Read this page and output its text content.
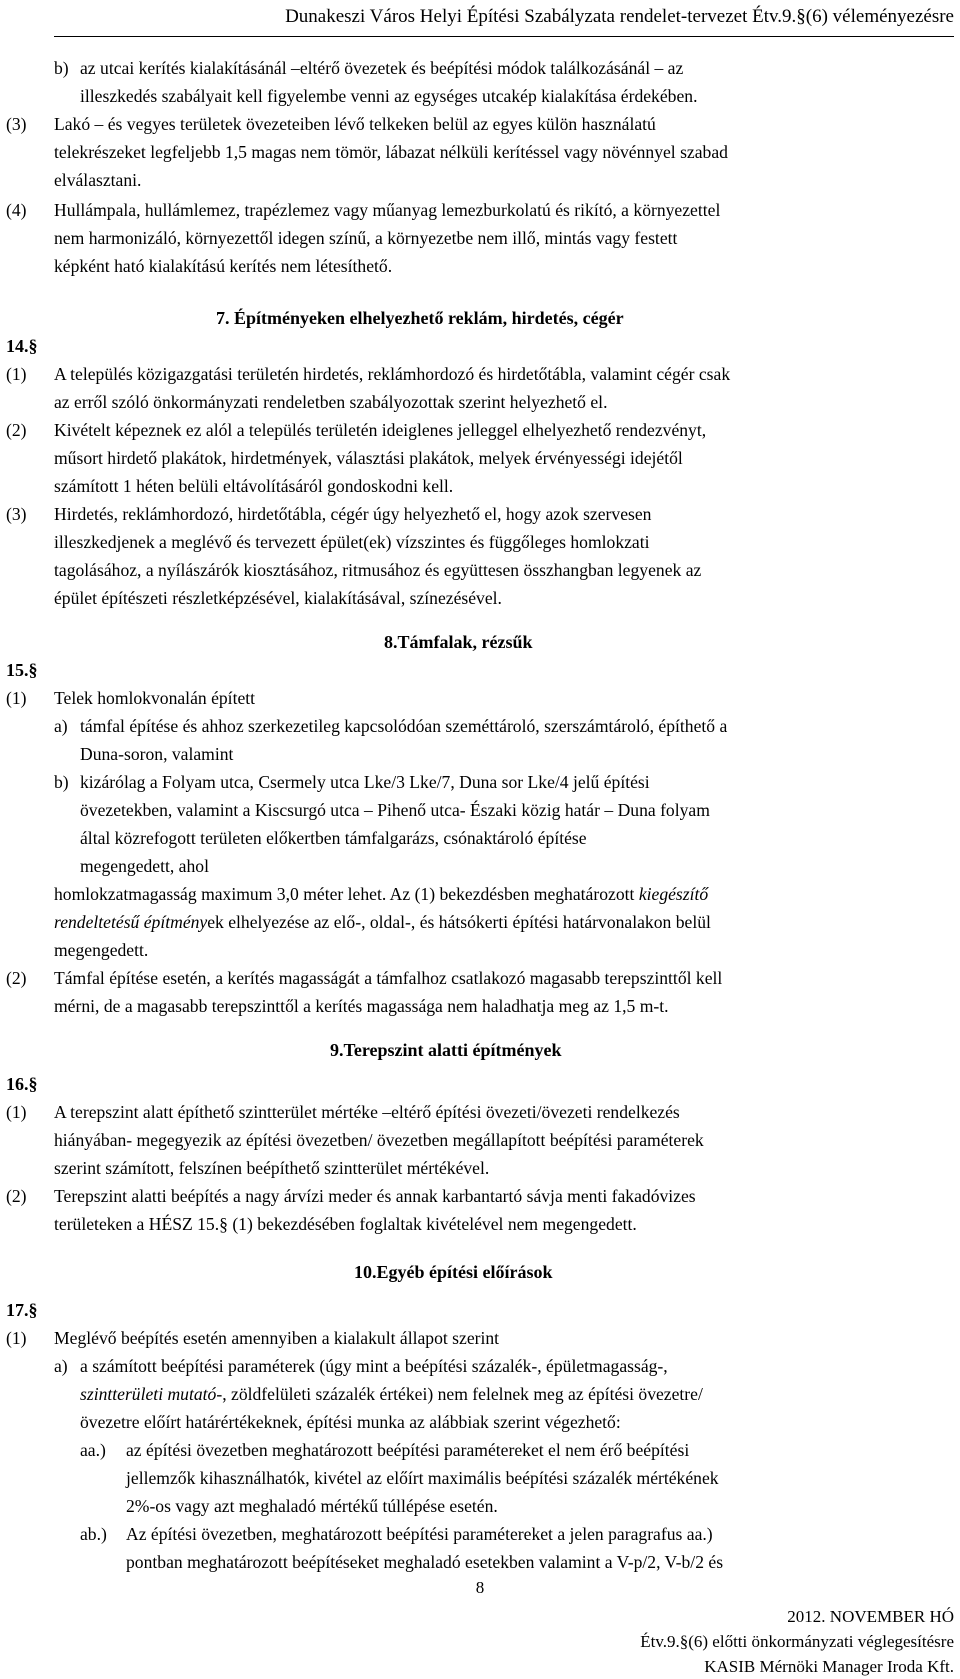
Dunakeszi Város Helyi Építési Szabályzata rendelet-tervezet Étv.9.§(6) véleményezésre
b) az utcai kerítés kialakításánál –eltérő övezetek és beépítési módok találkozásánál – az
illeszkedés szabályait kell figyelembe venni az egységes utcakép kialakítása érdekében.
(3) Lakó – és vegyes területek övezeteiben lévő telkeken belül az egyes külön használatú
telekrészeket legfeljebb 1,5 magas nem tömör, lábazat nélküli kerítéssel vagy növénnyel szabad
elválasztani.
(4) Hullámpala, hullámlemez, trapézlemez vagy műanyag lemezburkolatú és rikító, a környezettel
nem harmonizáló, környezettől idegen színű, a környezetbe nem illő, mintás vagy festett
képként ható kialakítású kerítés nem létesíthető.
7. Építményeken elhelyezhető reklám, hirdetés, cégér
14.§
(1) A település közigazgatási területén hirdetés, reklámhordozó és hirdetőtábla, valamint cégér csak
az erről szóló önkormányzati rendeletben szabályozottak szerint helyezhető el.
(2) Kivételt képeznek ez alól a település területén ideiglenes jelleggel elhelyezhető rendezvényt,
műsort hirdető plakátok, hirdetmények, választási plakátok, melyek érvényességi idejétől
számított 1 héten belüli eltávolításáról gondoskodni kell.
(3) Hirdetés, reklámhordozó, hirdetőtábla, cégér úgy helyezhető el, hogy azok szervesen
illeszkedjenek a meglévő és tervezett épület(ek) vízszintes és függőleges homlokzati
tagolásához, a nyílászárók kiosztásához, ritmusához és együttesen összhangban legyenek az
épület építészeti részletképzésével, kialakításával, színezésével.
8.Támfalak, rézsűk
15.§
(1) Telek homlokvonalán épített
a) támfal építése és ahhoz szerkezetileg kapcsolódóan szeméttároló, szerszámtároló, építhető a
Duna-soron, valamint
b) kizárólag a Folyam utca, Csermely utca Lke/3 Lke/7, Duna sor Lke/4 jelű építési
övezetekben, valamint a Kiscsurgó utca – Pihenő utca- Északi közig határ – Duna folyam
által közrefogott területen előkertben támfalgarázs, csónaktároló építése
megengedett, ahol
homlokzatmagasság maximum 3,0 méter lehet. Az (1) bekezdésben meghatározott kiegészítő
rendeltetésű építmények elhelyezése az elő-, oldal-, és hátsókerti építési határvonalakon belül
megengedett.
(2) Támfal építése esetén, a kerítés magasságát a támfalhoz csatlakozó magasabb terepszinttől kell
mérni, de a magasabb terepszinttől a kerítés magassága nem haladhatja meg az 1,5 m-t.
9.Terepszint alatti építmények
16.§
(1) A terepszint alatt építhető szintterület mértéke –eltérő építési övezeti/övezeti rendelkezés
hiányában- megegyezik az építési övezetben/ övezetben megállapított beépítési paraméterek
szerint számított, felszínen beépíthető szintterület mértékével.
(2) Terepszint alatti beépítés a nagy árvízi meder és annak karbantartó sávja menti fakadóvizes
területeken a HÉSZ 15.§ (1) bekezdésében foglaltak kivételével nem megengedett.
10.Egyéb építési előírások
17.§
(1) Meglévő beépítés esetén amennyiben a kialakult állapot szerint
a) a számított beépítési paraméterek (úgy mint a beépítési százalék-, épületmagasság-,
szintterületi mutató-, zöldfelületi százalék értékei) nem felelnek meg az építési övezetre/
övezetre előírt határértékeknek, építési munka az alábbiak szerint végezhető:
aa.) az építési övezetben meghatározott beépítési paramétereket el nem érő beépítési
jellemzők kihasználhatók, kivétel az előírt maximális beépítési százalék mértékének
2%-os vagy azt meghaladó mértékű túllépése esetén.
ab.) Az építési övezetben, meghatározott beépítési paramétereket a jelen paragrafus aa.)
pontban meghatározott beépítéseket meghaladó esetekben valamint a V-p/2, V-b/2 és
8
2012. NOVEMBER HÓ
Étv.9.§(6) előtti önkormányzati véglegesítésre
KASIB Mérnöki Manager Iroda Kft.
